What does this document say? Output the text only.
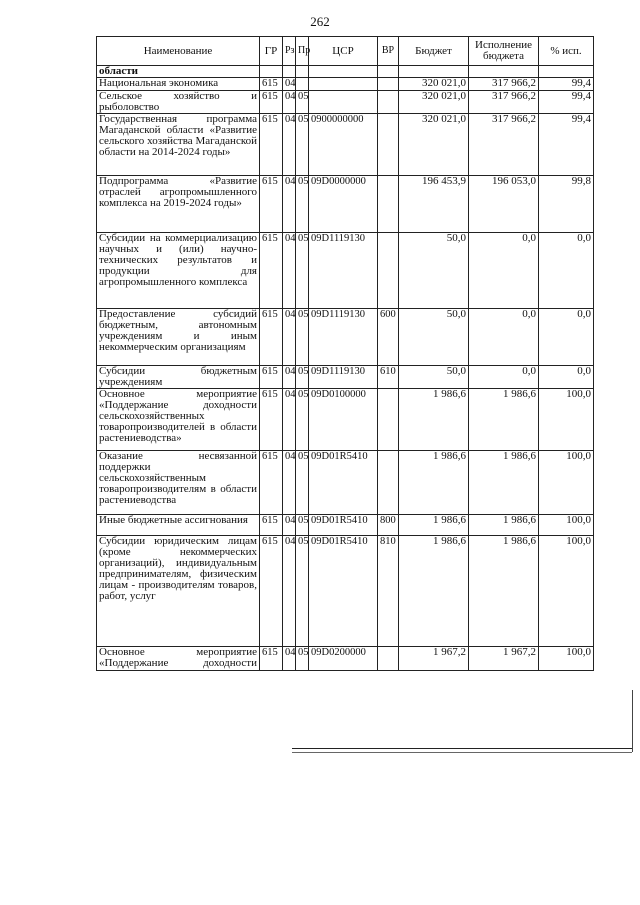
262
Наименование	ГР	Рз	Пр	ЦСР	ВР	Бюджет	Исполнение бюджета	% исп.
области								
Национальная экономика	615	04				320 021,0	317 966,2	99,4
Сельское хозяйство и рыболовство	615	04	05			320 021,0	317 966,2	99,4
Государственная программа Магаданской области «Развитие сельского хозяйства Магаданской области на 2014-2024 годы»	615	04	05	0900000000		320 021,0	317 966,2	99,4
Подпрограмма «Развитие отраслей агропромышленного комплекса на 2019-2024 годы»	615	04	05	09D0000000		196 453,9	196 053,0	99,8
Субсидии на коммерциализацию научных и (или) научно-технических результатов и продукции для агропромышленного комплекса	615	04	05	09D1119130		50,0	0,0	0,0
Предоставление субсидий бюджетным, автономным учреждениям и иным некоммерческим организациям	615	04	05	09D1119130	600	50,0	0,0	0,0
Субсидии бюджетным учреждениям	615	04	05	09D1119130	610	50,0	0,0	0,0
Основное мероприятие «Поддержание доходности сельскохозяйственных товаропроизводителей в области растениеводства»	615	04	05	09D0100000		1 986,6	1 986,6	100,0
Оказание несвязанной поддержки сельскохозяйственным товаропроизводителям в области растениеводства	615	04	05	09D01R5410		1 986,6	1 986,6	100,0
Иные бюджетные ассигнования	615	04	05	09D01R5410	800	1 986,6	1 986,6	100,0
Субсидии юридическим лицам (кроме некоммерческих организаций), индивидуальным предпринимателям, физическим лицам - производителям товаров, работ, услуг	615	04	05	09D01R5410	810	1 986,6	1 986,6	100,0
Основное мероприятие «Поддержание доходности	615	04	05	09D0200000		1 967,2	1 967,2	100,0
